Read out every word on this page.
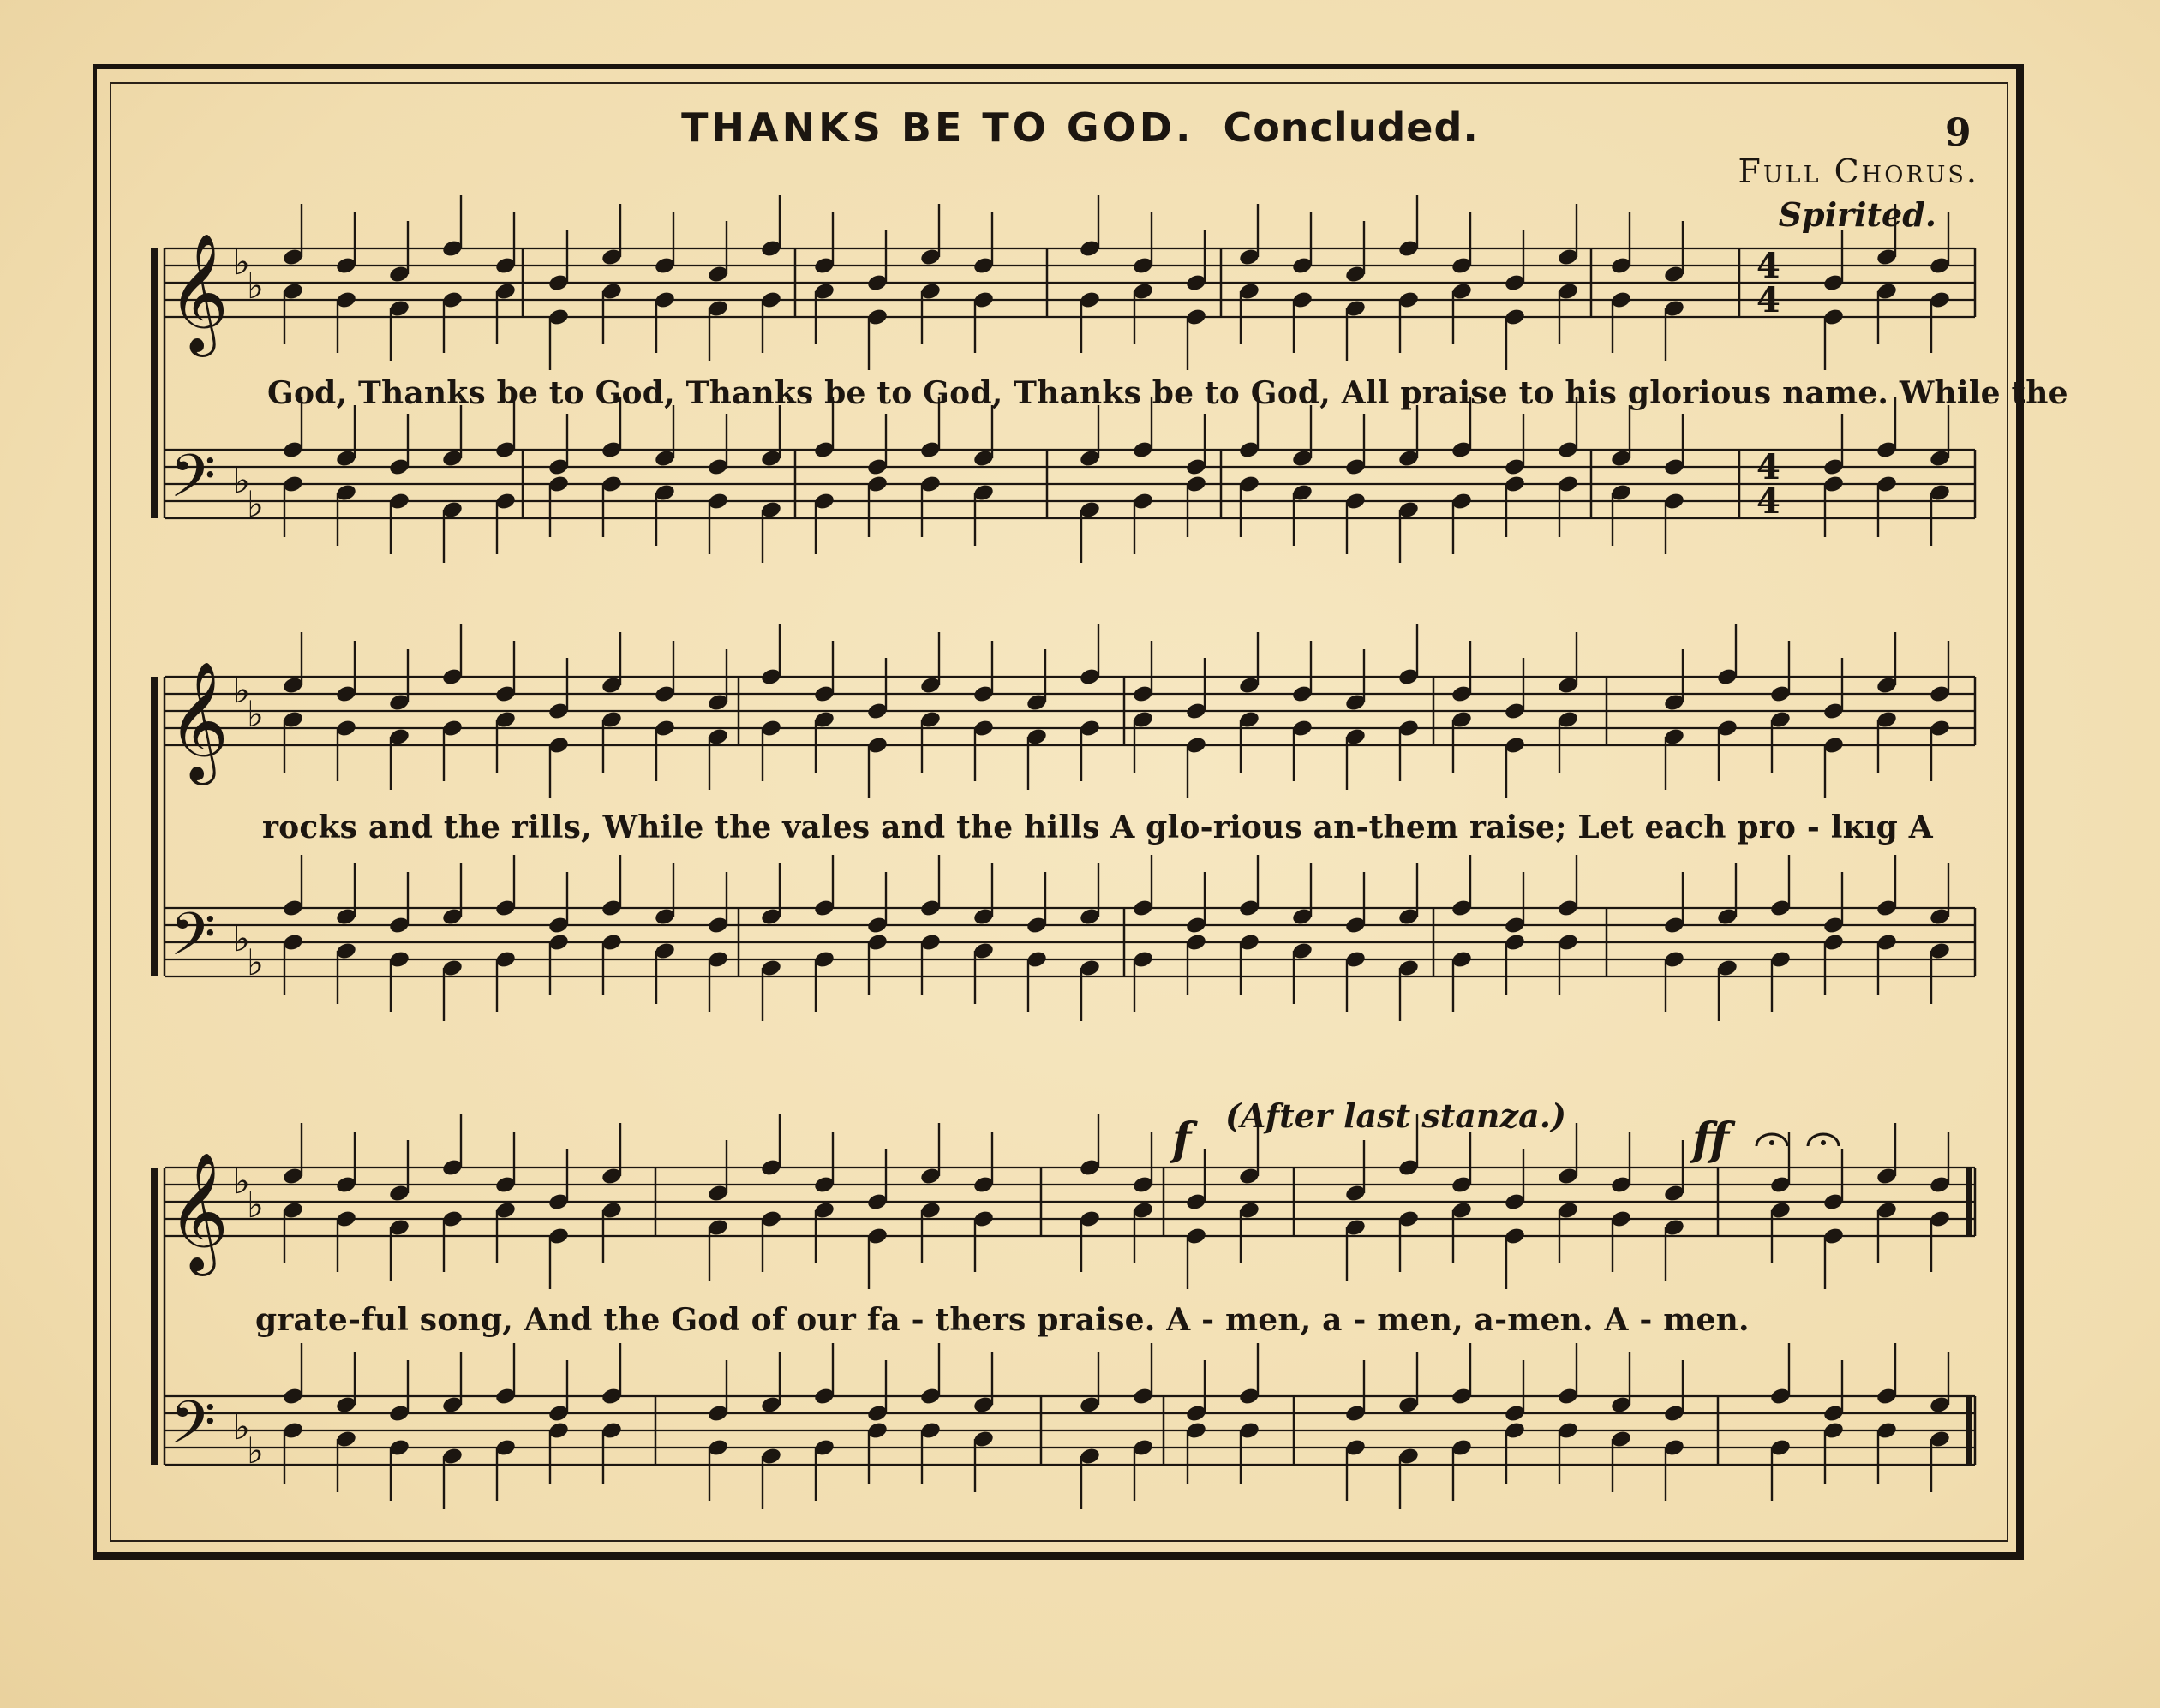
THANKS BE TO GOD. Concluded.	9
Full Chorus.
Spirited.
𝄞
𝄢
♭
♭
♭
♭
4
4
4
4
𝄞
𝄢
♭
♭
♭
♭
𝄞
𝄢
♭
♭
♭
♭
God, Thanks be to God, Thanks be to God, Thanks be to God, All praise to his glorious name. While the
rocks and the rills, While the vales and the hills A glo-rious an-them raise; Let each pro - lĸıg A
grate-ful song, And the God of our fa - thers praise. A - men, a - men, a-men. A - men.
f (After last stanza.)	ff
